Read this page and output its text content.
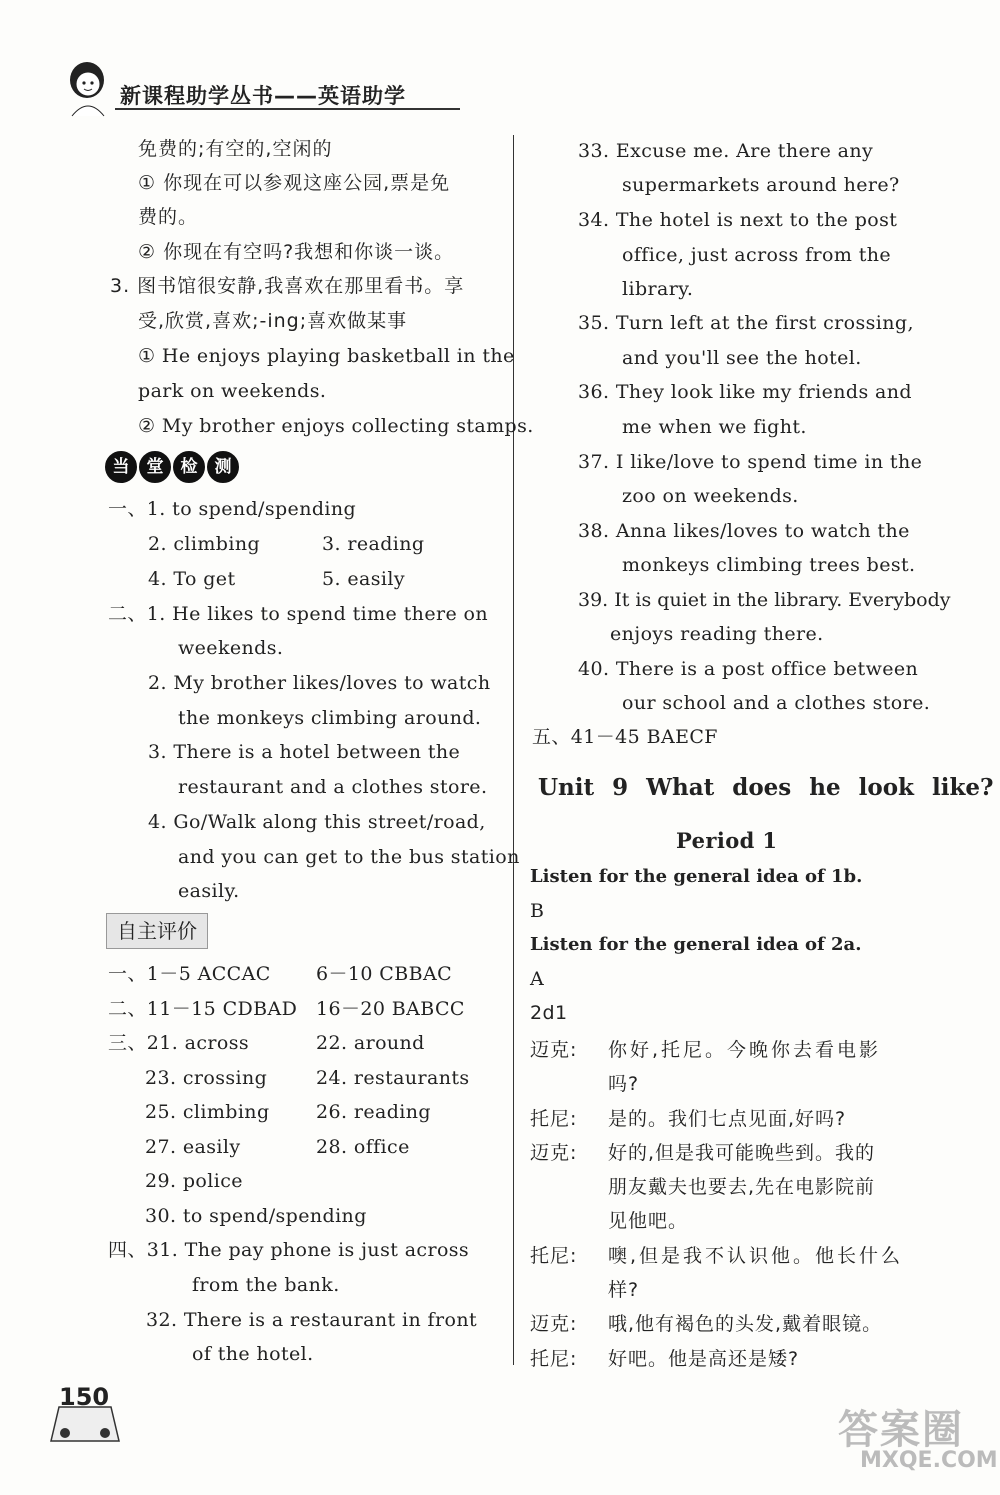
新课程助学丛书——英语助学
免费的;有空的,空闲的
① 你现在可以参观这座公园,票是免
费的。
② 你现在有空吗?我想和你谈一谈。
3. 图书馆很安静,我喜欢在那里看书。享
受,欣赏,喜欢;-ing;喜欢做某事
① He enjoys playing basketball in the
park on weekends.
② My brother enjoys collecting stamps.
当 堂 检 测
一、1. to spend/spending
2. climbing	3. reading
4. To get	5. easily
二、1. He likes to spend time there on
weekends.
2. My brother likes/loves to watch
the monkeys climbing around.
3. There is a hotel between the
restaurant and a clothes store.
4. Go/Walk along this street/road,
and you can get to the bus station
easily.
自主评价
一、1－5 ACCAC 6－10 CBBAC
二、11－15 CDBAD 16－20 BABCC
三、21. across	22. around
23. crossing	24. restaurants
25. climbing 26. reading
27. easily	28. office
29. police
30. to spend/spending
四、31. The pay phone is just across
from the bank.
32. There is a restaurant in front
of the hotel.
150
33. Excuse me. Are there any
supermarkets around here?
34. The hotel is next to the post
office, just across from the
library.
35. Turn left at the first crossing,
and you'll see the hotel.
36. They look like my friends and
me when we fight.
37. I like/love to spend time in the
zoo on weekends.
38. Anna likes/loves to watch the
monkeys climbing trees best.
39. It is quiet in the library. Everybody
enjoys reading there.
40. There is a post office between
our school and a clothes store.
五、41－45 BAECF
Unit 9 What does he look like?
Period 1
Listen for the general idea of 1b.
B
Listen for the general idea of 2a.
A
2d1
迈克: 你好,托尼。今晚你去看电影
吗?
托尼: 是的。我们七点见面,好吗?
迈克: 好的,但是我可能晚些到。我的
朋友戴夫也要去,先在电影院前
见他吧。
托尼: 噢,但是我不认识他。他长什么
样?
迈克: 哦,他有褐色的头发,戴着眼镜。
托尼: 好吧。他是高还是矮?
答案圈
MXQE.COM
